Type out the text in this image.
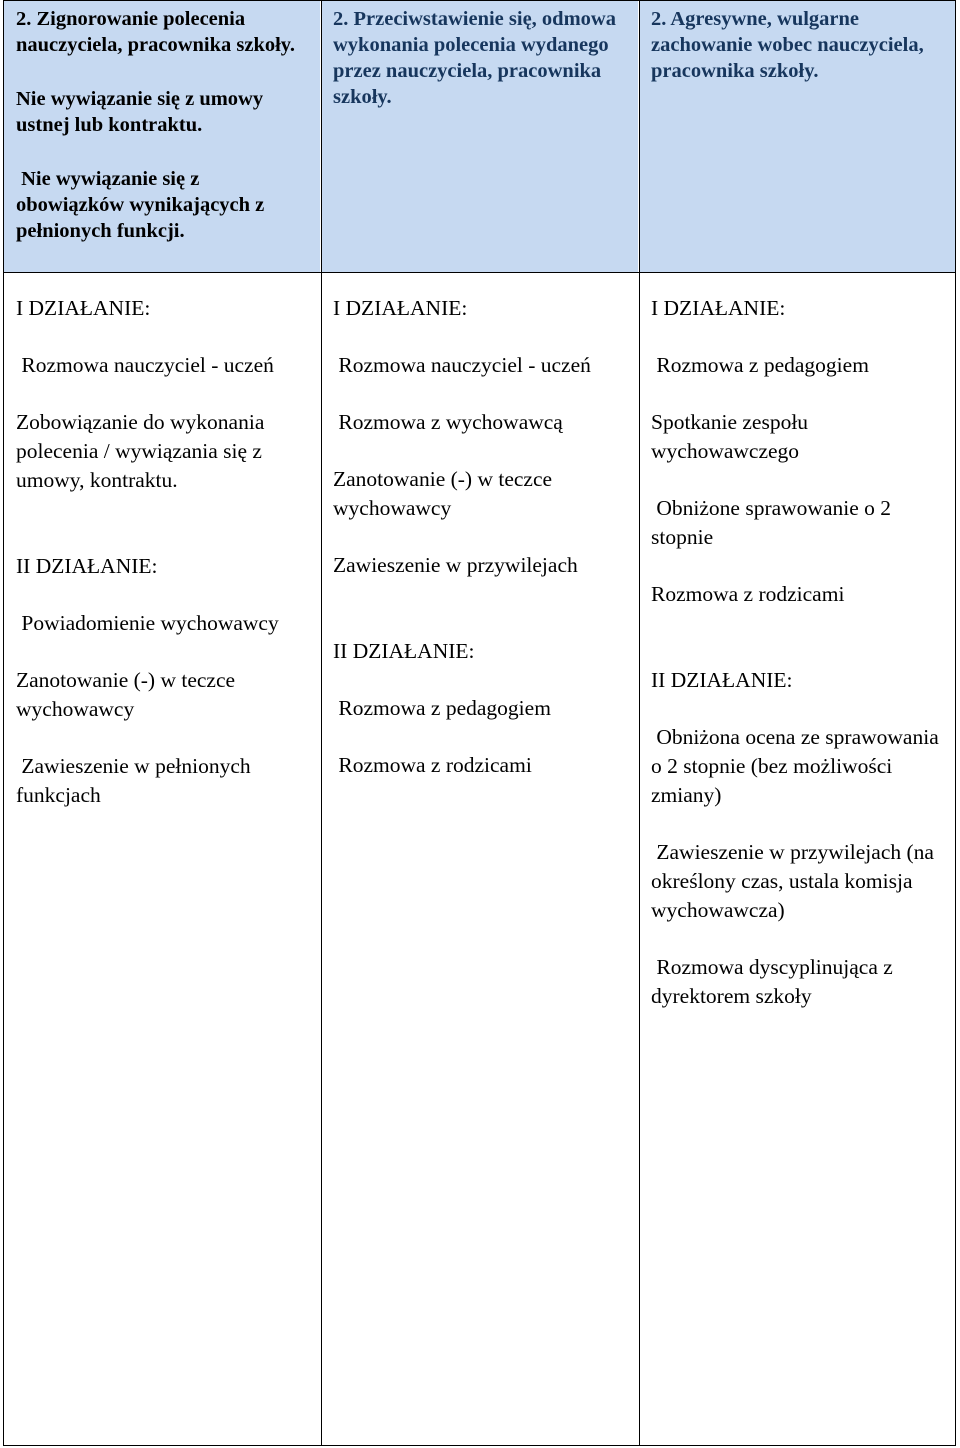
2. Zignorowanie polecenia nauczyciela, pracownika szkoły.

Nie wywiązanie się z umowy ustnej lub kontraktu.

Nie wywiązanie się z obowiązków wynikających z pełnionych funkcji.

2. Przeciwstawienie się, odmowa wykonania polecenia wydanego przez nauczyciela, pracownika szkoły.

2. Agresywne, wulgarne zachowanie wobec nauczyciela, pracownika szkoły.

I DZIAŁANIE:

Rozmowa nauczyciel - uczeń

Zobowiązanie do wykonania polecenia / wywiązania się z umowy, kontraktu.

II DZIAŁANIE:

Powiadomienie wychowawcy

Zanotowanie (-) w teczce wychowawcy

Zawieszenie w pełnionych funkcjach

I DZIAŁANIE:

Rozmowa nauczyciel - uczeń

Rozmowa z wychowawcą

Zanotowanie (-) w teczce wychowawcy

Zawieszenie w przywilejach

II DZIAŁANIE:

Rozmowa z pedagogiem

Rozmowa z rodzicami

I DZIAŁANIE:

Rozmowa z pedagogiem

Spotkanie zespołu wychowawczego

Obniżone sprawowanie o 2 stopnie

Rozmowa z rodzicami

II DZIAŁANIE:

Obniżona ocena ze sprawowania o 2 stopnie (bez możliwości zmiany)

Zawieszenie w przywilejach (na określony czas, ustala komisja wychowawcza)

Rozmowa dyscyplinująca z dyrektorem szkoły
